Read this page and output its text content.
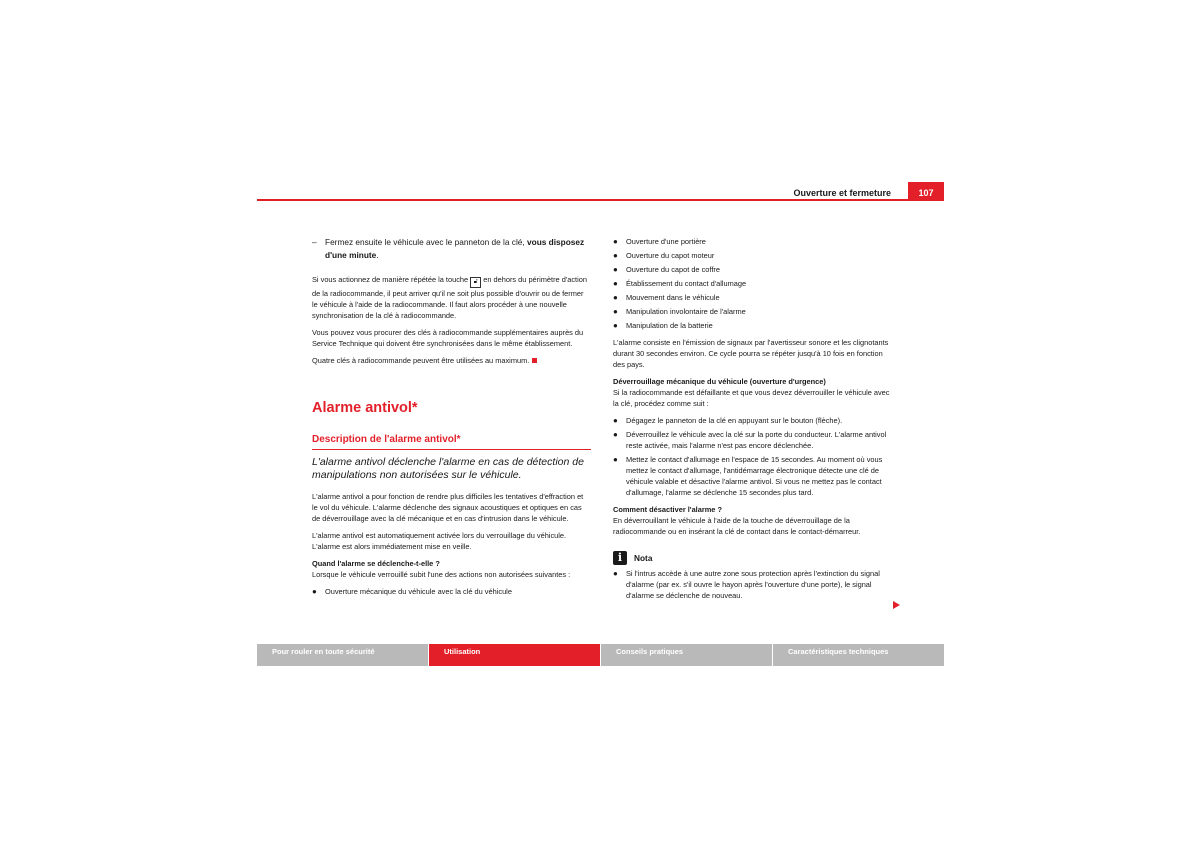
Ouverture et fermeture	107
– Fermez ensuite le véhicule avec le panneton de la clé, vous disposez d'une minute.

Si vous actionnez de manière répétée la touche 🔓︎ en dehors du périmètre d'action de la radiocommande, il peut arriver qu'il ne soit plus possible d'ouvrir ou de fermer le véhicule à l'aide de la radiocommande. Il faut alors procéder à une nouvelle synchronisation de la clé à radiocommande.

Vous pouvez vous procurer des clés à radiocommande supplémentaires auprès du Service Technique qui doivent être synchronisées dans le même établissement.

Quatre clés à radiocommande peuvent être utilisées au maximum.

Alarme antivol*
Description de l'alarme antivol*

L'alarme antivol déclenche l'alarme en cas de détection de manipulations non autorisées sur le véhicule.

L'alarme antivol a pour fonction de rendre plus difficiles les tentatives d'effraction et le vol du véhicule. L'alarme déclenche des signaux acoustiques et optiques en cas de déverrouillage avec la clé mécanique et en cas d'intrusion dans le véhicule.

L'alarme antivol est automatiquement activée lors du verrouillage du véhicule. L'alarme est alors immédiatement mise en veille.

Quand l'alarme se déclenche-t-elle ?

Lorsque le véhicule verrouillé subit l'une des actions non autorisées suivantes :

● Ouverture mécanique du véhicule avec la clé du véhicule
● Ouverture d'une portière
● Ouverture du capot moteur
● Ouverture du capot de coffre
● Établissement du contact d'allumage
● Mouvement dans le véhicule
● Manipulation involontaire de l'alarme
● Manipulation de la batterie

L'alarme consiste en l'émission de signaux par l'avertisseur sonore et les clignotants durant 30 secondes environ. Ce cycle pourra se répéter jusqu'à 10 fois en fonction des pays.

Déverrouillage mécanique du véhicule (ouverture d'urgence)

Si la radiocommande est défaillante et que vous devez déverrouiller le véhicule avec la clé, procédez comme suit :

● Dégagez le panneton de la clé en appuyant sur le bouton (flèche).
● Déverrouillez le véhicule avec la clé sur la porte du conducteur. L'alarme antivol reste activée, mais l'alarme n'est pas encore déclenchée.
● Mettez le contact d'allumage en l'espace de 15 secondes. Au moment où vous mettez le contact d'allumage, l'antidémarrage électronique détecte une clé de véhicule valable et désactive l'alarme antivol. Si vous ne mettez pas le contact d'allumage, l'alarme se déclenche 15 secondes plus tard.

Comment désactiver l'alarme ?

En déverrouillant le véhicule à l'aide de la touche de déverrouillage de la radiocommande ou en insérant la clé de contact dans le contact-démarreur.

i	Nota
● Si l'intrus accède à une autre zone sous protection après l'extinction du signal d'alarme (par ex. s'il ouvre le hayon après l'ouverture d'une porte), le signal d'alarme se déclenche de nouveau.
Pour rouler en toute sécurité	Utilisation	Conseils pratiques	Caractéristiques techniques
